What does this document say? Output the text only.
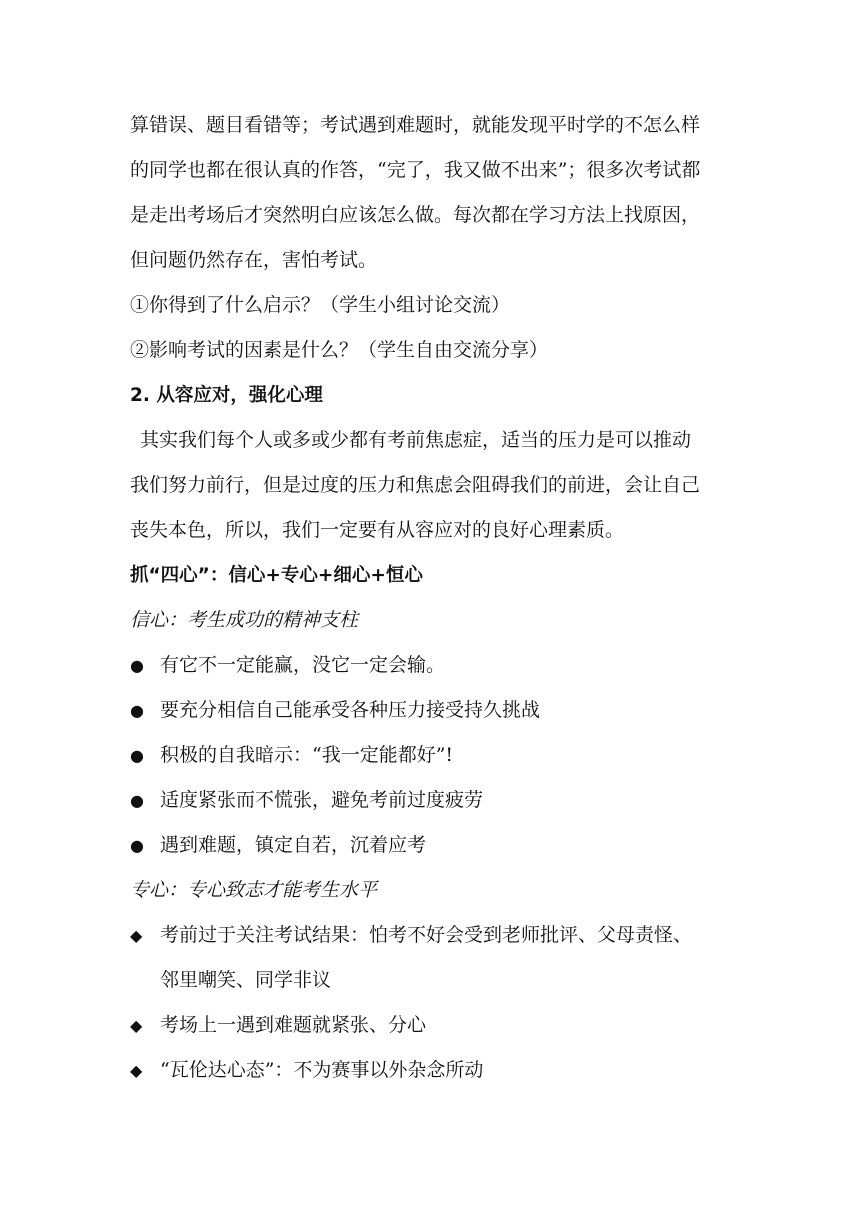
算错误、题目看错等；考试遇到难题时，就能发现平时学的不怎么样

的同学也都在很认真的作答，“完了，我又做不出来”；很多次考试都

是走出考场后才突然明白应该怎么做。每次都在学习方法上找原因，

但问题仍然存在，害怕考试。

①你得到了什么启示？（学生小组讨论交流）

②影响考试的因素是什么？（学生自由交流分享）

2. 从容应对，强化心理

其实我们每个人或多或少都有考前焦虑症，适当的压力是可以推动

我们努力前行，但是过度的压力和焦虑会阻碍我们的前进，会让自己

丧失本色，所以，我们一定要有从容应对的良好心理素质。

抓“四心”：信心+专心+细心+恒心

信心：考生成功的精神支柱

● 有它不一定能赢，没它一定会输。
● 要充分相信自己能承受各种压力接受持久挑战
● 积极的自我暗示：“我一定能都好”!
● 适度紧张而不慌张，避免考前过度疲劳
● 遇到难题，镇定自若，沉着应考

专心：专心致志才能考生水平

◆ 考前过于关注考试结果：怕考不好会受到老师批评、父母责怪、
邻里嘲笑、同学非议
◆ 考场上一遇到难题就紧张、分心
◆ “瓦伦达心态”：不为赛事以外杂念所动
